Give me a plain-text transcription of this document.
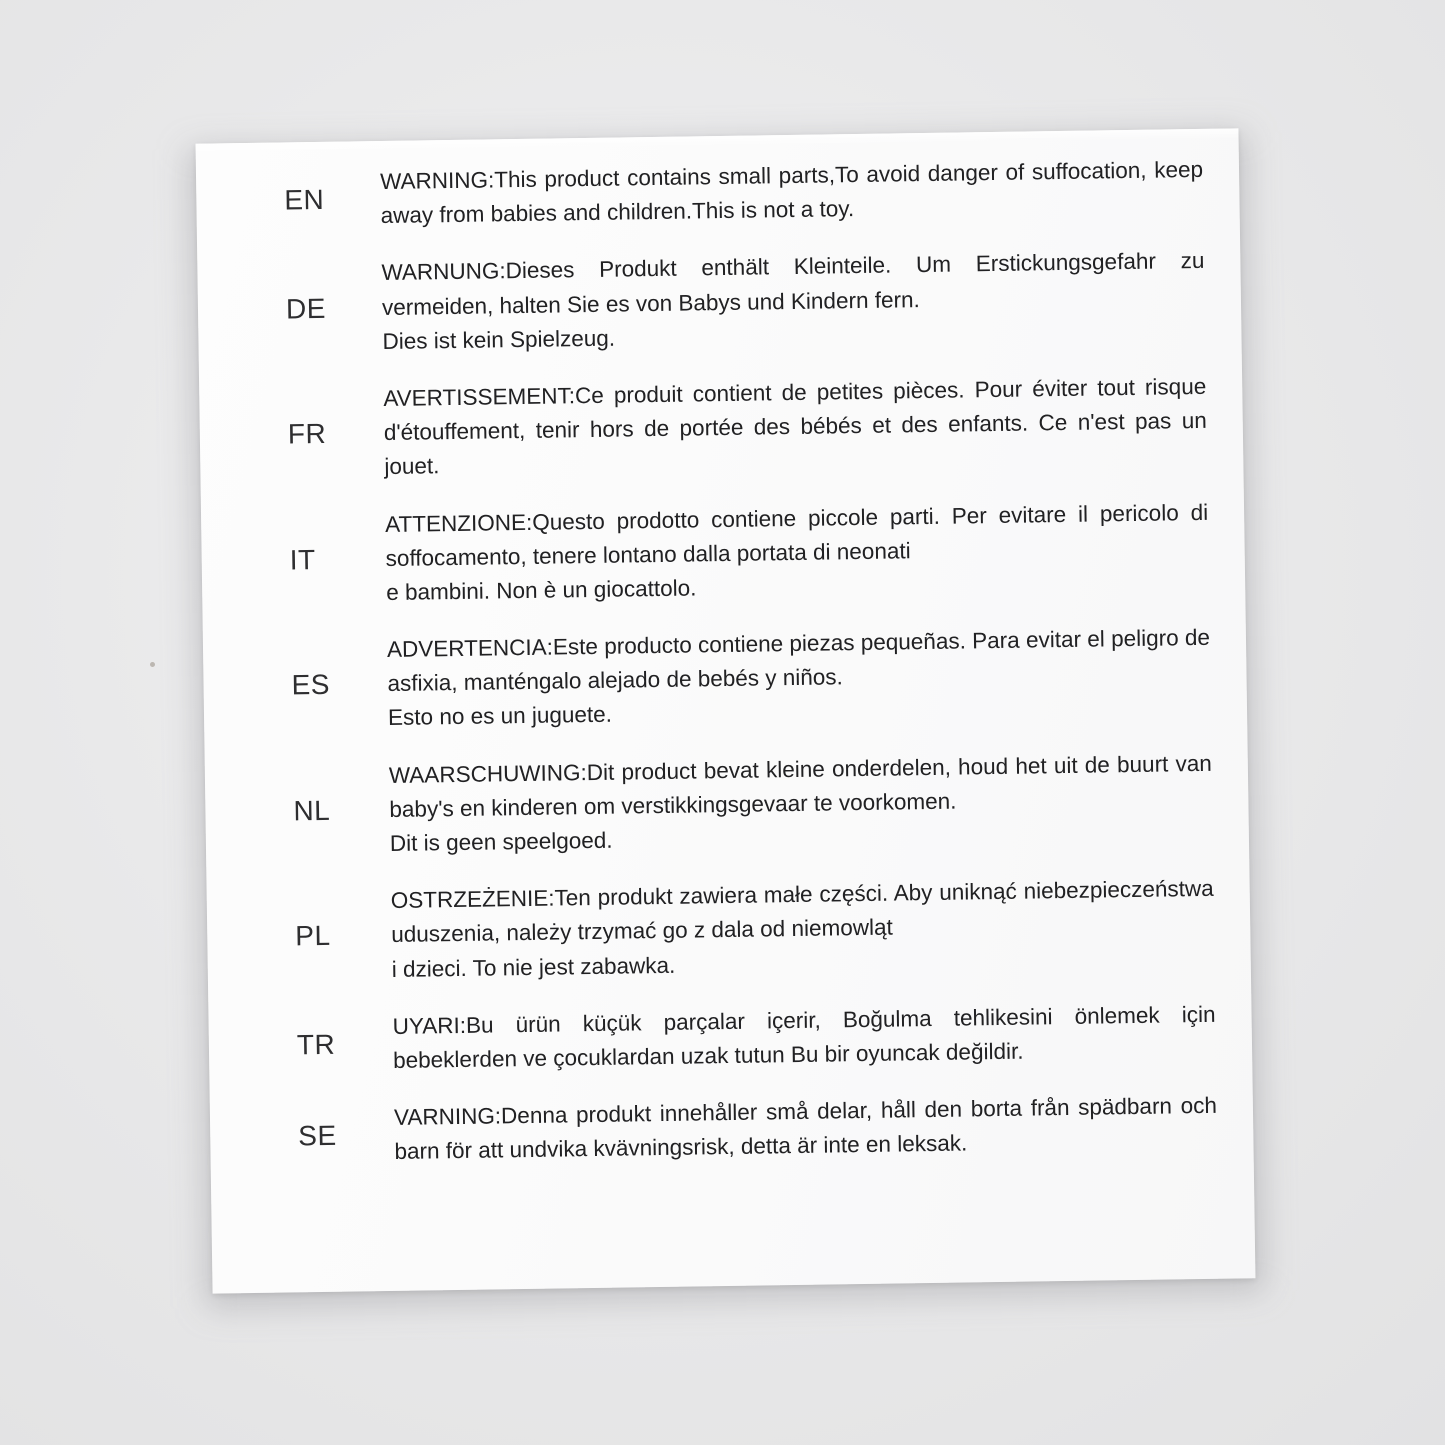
EN
WARNING:This product contains small parts,To avoid danger of suffocation, keep away from babies and children.This is not a toy.
DE
WARNUNG:Dieses Produkt enthält Kleinteile. Um Erstickungsgefahr zu vermeiden, halten Sie es von Babys und Kindern fern.
Dies ist kein Spielzeug.
FR
AVERTISSEMENT:Ce produit contient de petites pièces. Pour éviter tout risque d'étouffement, tenir hors de portée des bébés et des enfants. Ce n'est pas un jouet.
IT
ATTENZIONE:Questo prodotto contiene piccole parti. Per evitare il pericolo di soffocamento, tenere lontano dalla portata di neonati
e bambini. Non è un giocattolo.
ES
ADVERTENCIA:Este producto contiene piezas pequeñas. Para evitar el peligro de asfixia, manténgalo alejado de bebés y niños.
Esto no es un juguete.
NL
WAARSCHUWING:Dit product bevat kleine onderdelen, houd het uit de buurt van baby's en kinderen om verstikkingsgevaar te voorkomen.
Dit is geen speelgoed.
PL
OSTRZEŻENIE:Ten produkt zawiera małe części. Aby uniknąć niebezpieczeństwa uduszenia, należy trzymać go z dala od niemowląt
i dzieci. To nie jest zabawka.
TR
UYARI:Bu ürün küçük parçalar içerir, Boğulma tehlikesini önlemek için bebeklerden ve çocuklardan uzak tutun Bu bir oyuncak değildir.
SE
VARNING:Denna produkt innehåller små delar, håll den borta från spädbarn och barn för att undvika kvävningsrisk, detta är inte en leksak.
